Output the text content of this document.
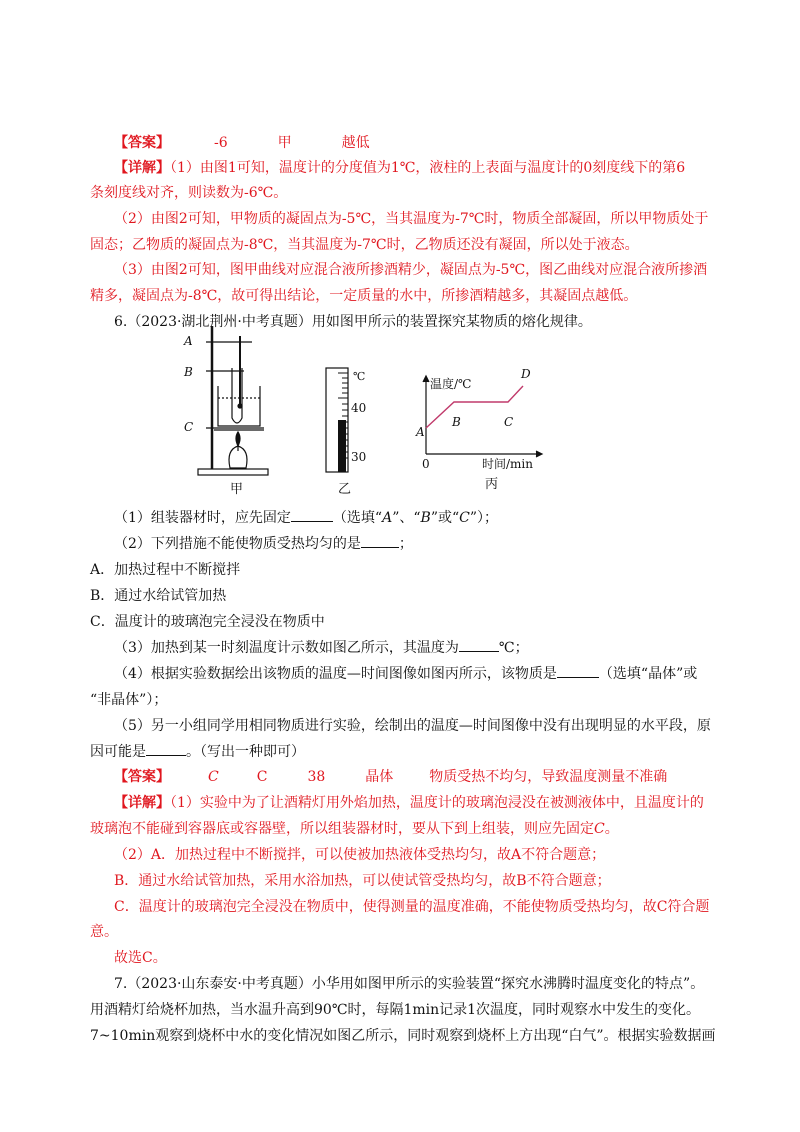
【答案】	-6	甲	越低
【详解】（1）由图1可知，温度计的分度值为1℃，液柱的上表面与温度计的0刻度线下的第6
条刻度线对齐，则读数为-6℃。
（2）由图2可知，甲物质的凝固点为-5℃，当其温度为-7℃时，物质全部凝固，所以甲物质处于
固态；乙物质的凝固点为-8℃，当其温度为-7℃时，乙物质还没有凝固，所以处于液态。
（3）由图2可知，图甲曲线对应混合液所掺酒精少，凝固点为-5℃，图乙曲线对应混合液所掺酒
精多，凝固点为-8℃，故可得出结论，一定质量的水中，所掺酒精越多，其凝固点越低。
6.（2023·湖北荆州·中考真题）用如图甲所示的装置探究某物质的熔化规律。
A
B
C
甲
℃
40
30
乙
温度/℃
时间/min
0
A
B	C
D
丙
（1）组装器材时，应先固定	（选填“A”、“B”或“C”）；
（2）下列措施不能使物质受热均匀的是	；
A．加热过程中不断搅拌
B．通过水给试管加热
C．温度计的玻璃泡完全浸没在物质中
（3）加热到某一时刻温度计示数如图乙所示，其温度为	℃；
（4）根据实验数据绘出该物质的温度—时间图像如图丙所示，该物质是	（选填“晶体”或
“非晶体”）；
（5）另一小组同学用相同物质进行实验，绘制出的温度—时间图像中没有出现明显的水平段，原
因可能是	。（写出一种即可）
【答案】	C	C	38	晶体	物质受热不均匀，导致温度测量不准确
【详解】（1）实验中为了让酒精灯用外焰加热，温度计的玻璃泡浸没在被测液体中，且温度计的
玻璃泡不能碰到容器底或容器壁，所以组装器材时，要从下到上组装，则应先固定C。
（2）A．加热过程中不断搅拌，可以使被加热液体受热均匀，故A不符合题意；
B．通过水给试管加热，采用水浴加热，可以使试管受热均匀，故B不符合题意；
C．温度计的玻璃泡完全浸没在物质中，使得测量的温度准确，不能使物质受热均匀，故C符合题
意。
故选C。
7.（2023·山东泰安·中考真题）小华用如图甲所示的实验装置“探究水沸腾时温度变化的特点”。
用酒精灯给烧杯加热，当水温升高到90℃时，每隔1min记录1次温度，同时观察水中发生的变化。
7~10min观察到烧杯中水的变化情况如图乙所示，同时观察到烧杯上方出现“白气”。根据实验数据画
